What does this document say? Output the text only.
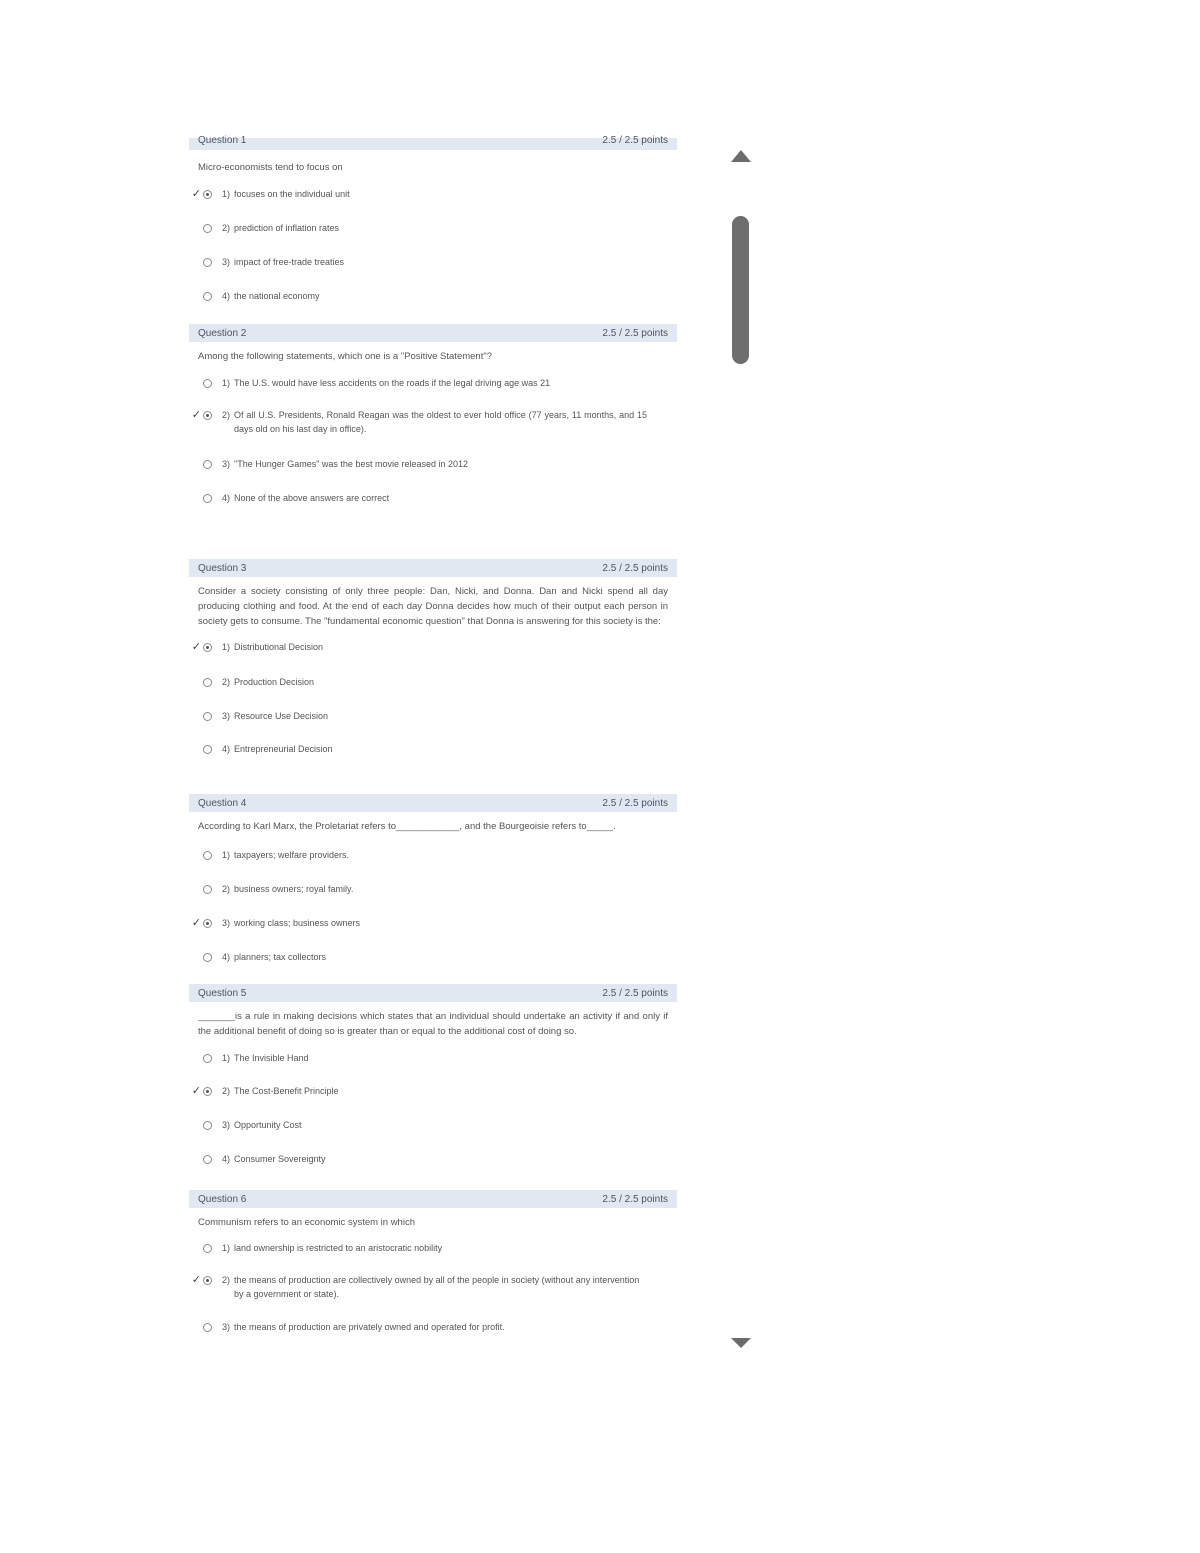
Question 1	2.5 / 2.5 points
Micro-economists tend to focus on
✓ 1) focuses on the individual unit
2) prediction of inflation rates
3) impact of free-trade treaties
4) the national economy
Question 2	2.5 / 2.5 points
Among the following statements, which one is a "Positive Statement"?
1) The U.S. would have less accidents on the roads if the legal driving age was 21
✓ 2) Of all U.S. Presidents, Ronald Reagan was the oldest to ever hold office (77 years, 11 months, and 15 days old on his last day in office).
3) "The Hunger Games" was the best movie released in 2012
4) None of the above answers are correct
Question 3	2.5 / 2.5 points
Consider a society consisting of only three people: Dan, Nicki, and Donna. Dan and Nicki spend all day producing clothing and food. At the end of each day Donna decides how much of their output each person in society gets to consume. The "fundamental economic question" that Donna is answering for this society is the:
✓ 1) Distributional Decision
2) Production Decision
3) Resource Use Decision
4) Entrepreneurial Decision
Question 4	2.5 / 2.5 points
According to Karl Marx, the Proletariat refers to____________, and the Bourgeoisie refers to_____.
1) taxpayers; welfare providers.
2) business owners; royal family.
✓ 3) working class; business owners
4) planners; tax collectors
Question 5	2.5 / 2.5 points
_______is a rule in making decisions which states that an individual should undertake an activity if and only if the additional benefit of doing so is greater than or equal to the additional cost of doing so.
1) The Invisible Hand
✓ 2) The Cost-Benefit Principle
3) Opportunity Cost
4) Consumer Sovereignty
Question 6	2.5 / 2.5 points
Communism refers to an economic system in which
1) land ownership is restricted to an aristocratic nobility
✓ 2) the means of production are collectively owned by all of the people in society (without any intervention by a government or state).
3) the means of production are privately owned and operated for profit.
